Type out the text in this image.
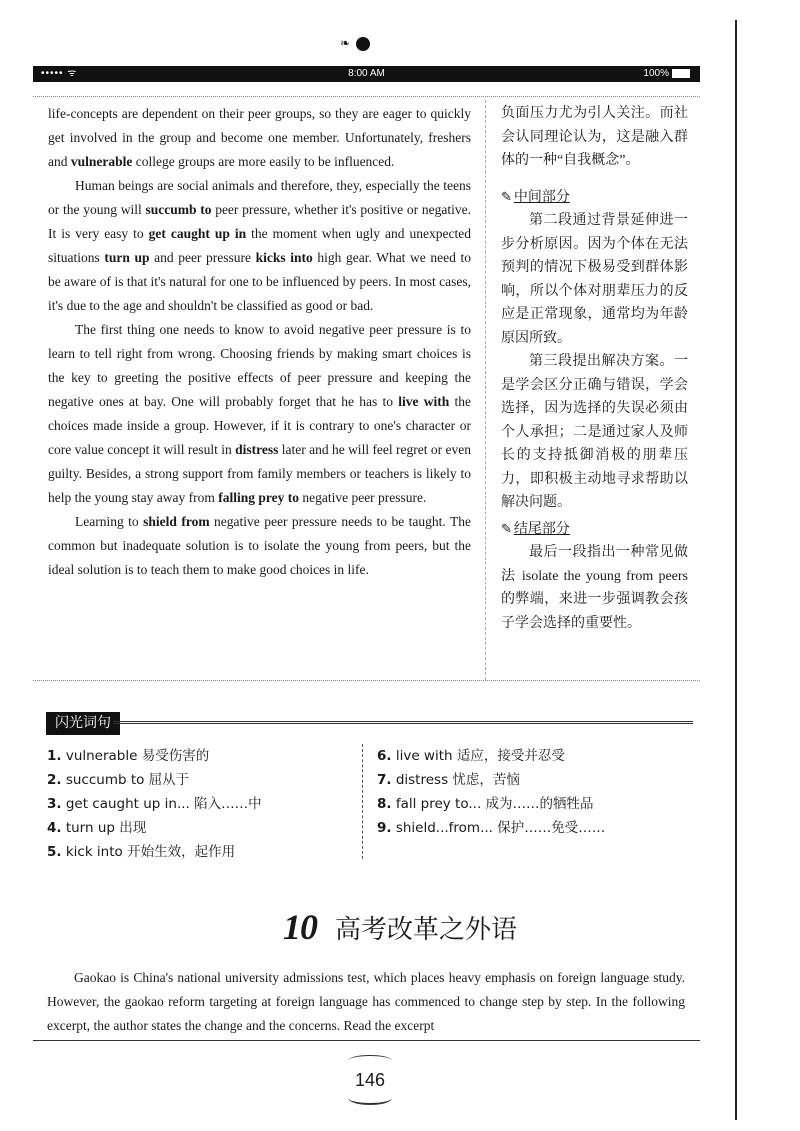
❧
••••• ᯤ	8:00 AM	100%

life-concepts are dependent on their peer groups, so they are eager to quickly get involved in the group and become one member. Unfortunately, freshers and vulnerable college groups are more easily to be influenced.

Human beings are social animals and therefore, they, especially the teens or the young will succumb to peer pressure, whether it's positive or negative. It is very easy to get caught up in the moment when ugly and unexpected situations turn up and peer pressure kicks into high gear. What we need to be aware of is that it's natural for one to be influenced by peers. In most cases, it's due to the age and shouldn't be classified as good or bad.

The first thing one needs to know to avoid negative peer pressure is to learn to tell right from wrong. Choosing friends by making smart choices is the key to greeting the positive effects of peer pressure and keeping the negative ones at bay. One will probably forget that he has to live with the choices made inside a group. However, if it is contrary to one's character or core value concept it will result in distress later and he will feel regret or even guilty. Besides, a strong support from family members or teachers is likely to help the young stay away from falling prey to negative peer pressure.

Learning to shield from negative peer pressure needs to be taught. The common but inadequate solution is to isolate the young from peers, but the ideal solution is to teach them to make good choices in life.

负面压力尤为引人关注。而社会认同理论认为，这是融入群体的一种“自我概念”。

✎ 中间部分

第二段通过背景延伸进一步分析原因。因为个体在无法预判的情况下极易受到群体影响，所以个体对朋辈压力的反应是正常现象，通常均为年龄原因所致。

第三段提出解决方案。一是学会区分正确与错误，学会选择，因为选择的失误必须由个人承担；二是通过家人及师长的支持抵御消极的朋辈压力，即积极主动地寻求帮助以解决问题。

✎ 结尾部分

最后一段指出一种常见做法 isolate the young from peers 的弊端，来进一步强调教会孩子学会选择的重要性。

闪光词句
1. vulnerable 易受伤害的
2. succumb to 屈从于
3. get caught up in... 陷入……中
4. turn up 出现
5. kick into 开始生效，起作用
6. live with 适应，接受并忍受
7. distress 忧虑，苦恼
8. fall prey to... 成为……的牺牲品
9. shield...from... 保护……免受……
10 高考改革之外语

Gaokao is China's national university admissions test, which places heavy emphasis on foreign language study. However, the gaokao reform targeting at foreign language has commenced to change step by step. In the following excerpt, the author states the change and the concerns. Read the excerpt

146
